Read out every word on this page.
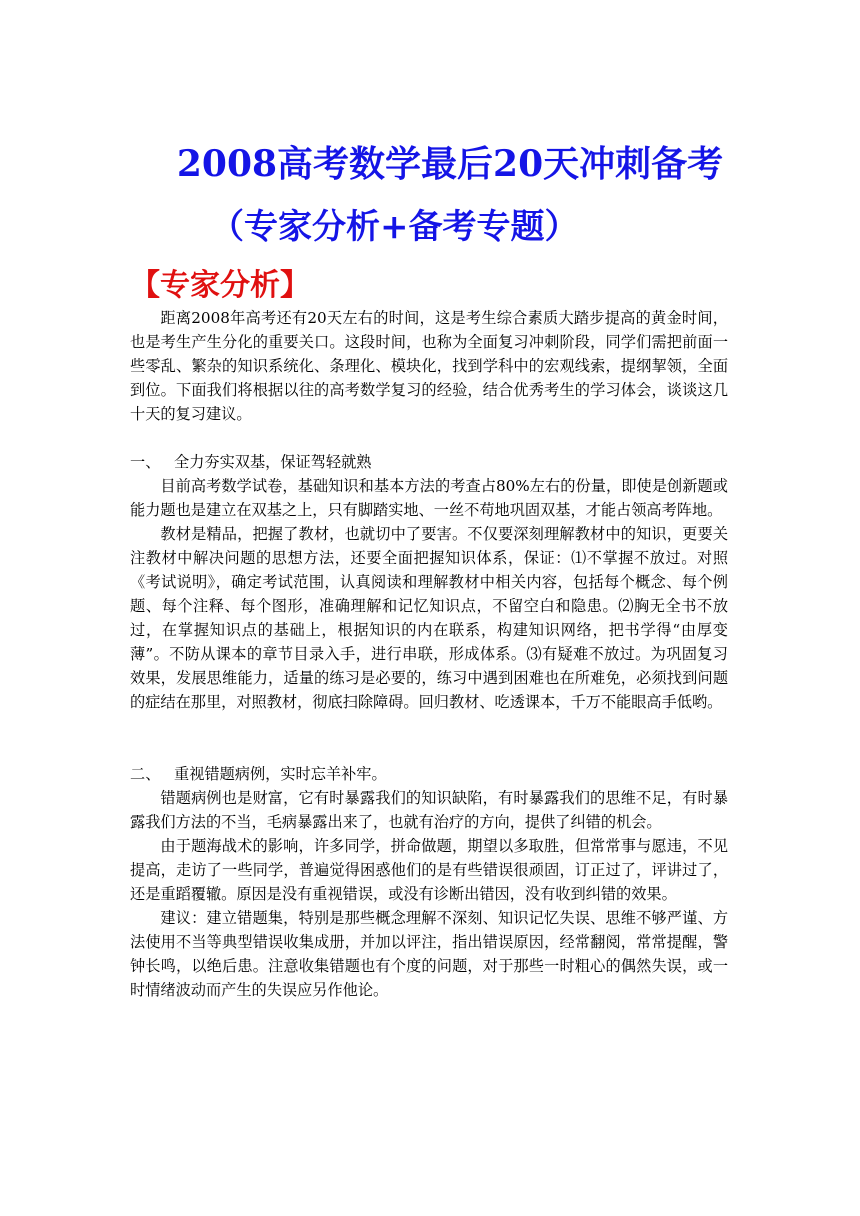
2008高考数学最后20天冲刺备考
（专家分析+备考专题）
【专家分析】

距离2008年高考还有20天左右的时间，这是考生综合素质大踏步提高的黄金时间，也是考生产生分化的重要关口。这段时间，也称为全面复习冲刺阶段，同学们需把前面一些零乱、繁杂的知识系统化、条理化、模块化，找到学科中的宏观线索，提纲挈领，全面到位。下面我们将根据以往的高考数学复习的经验，结合优秀考生的学习体会，谈谈这几十天的复习建议。

一、 全力夯实双基，保证驾轻就熟

目前高考数学试卷，基础知识和基本方法的考查占80%左右的份量，即使是创新题或能力题也是建立在双基之上，只有脚踏实地、一丝不苟地巩固双基，才能占领高考阵地。

教材是精品，把握了教材，也就切中了要害。不仅要深刻理解教材中的知识，更要关注教材中解决问题的思想方法，还要全面把握知识体系，保证：⑴不掌握不放过。对照《考试说明》，确定考试范围，认真阅读和理解教材中相关内容，包括每个概念、每个例题、每个注释、每个图形，准确理解和记忆知识点，不留空白和隐患。⑵胸无全书不放过，在掌握知识点的基础上，根据知识的内在联系，构建知识网络，把书学得“由厚变薄”。不防从课本的章节目录入手，进行串联，形成体系。⑶有疑难不放过。为巩固复习效果，发展思维能力，适量的练习是必要的，练习中遇到困难也在所难免，必须找到问题的症结在那里，对照教材，彻底扫除障碍。回归教材、吃透课本，千万不能眼高手低哟。

二、 重视错题病例，实时忘羊补牢。

错题病例也是财富，它有时暴露我们的知识缺陷，有时暴露我们的思维不足，有时暴露我们方法的不当，毛病暴露出来了，也就有治疗的方向，提供了纠错的机会。

由于题海战术的影响，许多同学，拼命做题，期望以多取胜，但常常事与愿违，不见提高，走访了一些同学，普遍觉得困惑他们的是有些错误很顽固，订正过了，评讲过了，还是重蹈覆辙。原因是没有重视错误，或没有诊断出错因，没有收到纠错的效果。

建议：建立错题集，特别是那些概念理解不深刻、知识记忆失误、思维不够严谨、方法使用不当等典型错误收集成册，并加以评注，指出错误原因，经常翻阅，常常提醒，警钟长鸣，以绝后患。注意收集错题也有个度的问题，对于那些一时粗心的偶然失误，或一时情绪波动而产生的失误应另作他论。
